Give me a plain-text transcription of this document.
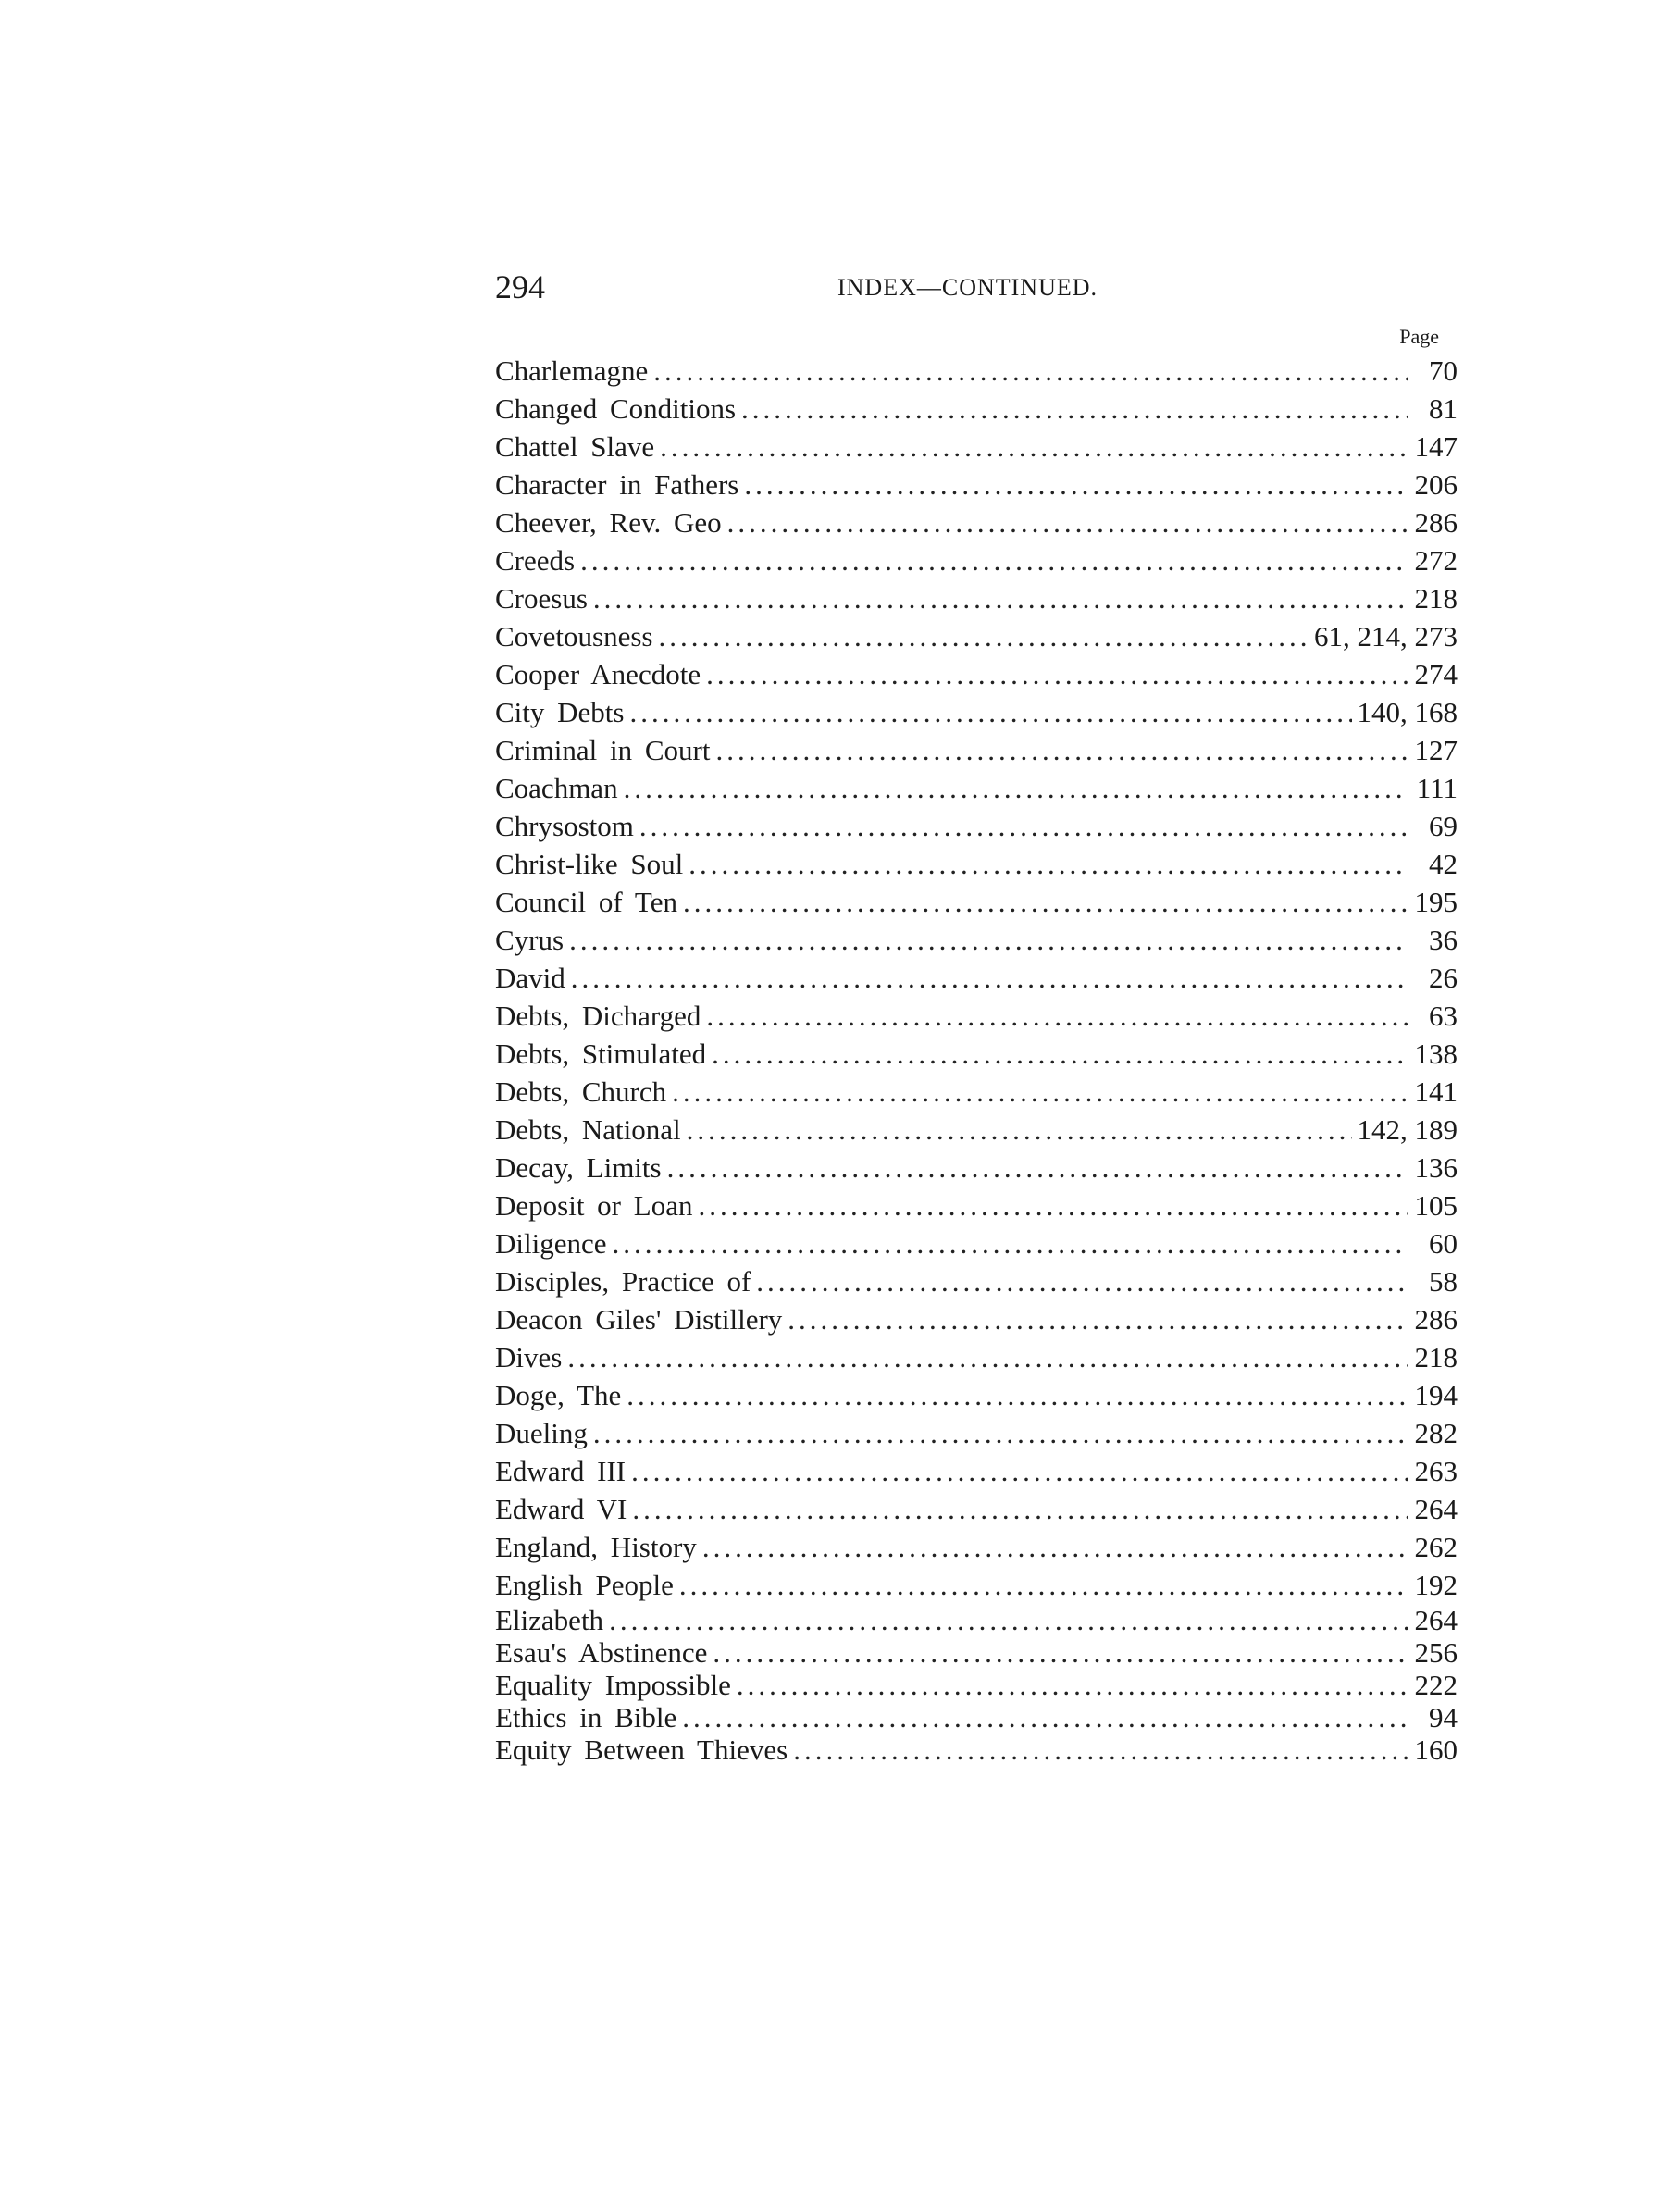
294	INDEX—CONTINUED.
Page
Charlemagne .....	70
Changed Conditions .....	81
Chattel Slave .....	147
Character in Fathers .....	206
Cheever, Rev. Geo .....	286
Creeds .....	272
Croesus .....	218
Covetousness .....	61, 214, 273
Cooper Anecdote .....	274
City Debts .....	140, 168
Criminal in Court .....	127
Coachman .....	111
Chrysostom .....	69
Christ-like Soul .....	42
Council of Ten .....	195
Cyrus .....	36
David .....	26
Debts, Dicharged .....	63
Debts, Stimulated .....	138
Debts, Church .....	141
Debts, National .....	142, 189
Decay, Limits .....	136
Deposit or Loan .....	105
Diligence .....	60
Disciples, Practice of .....	58
Deacon Giles' Distillery .....	286
Dives .....	218
Doge, The .....	194
Dueling .....	282
Edward III .....	263
Edward VI .....	264
England, History .....	262
English People .....	192
Elizabeth .....	264
Esau's Abstinence .....	256
Equality Impossible .....	222
Ethics in Bible .....	94
Equity Between Thieves .....	160
